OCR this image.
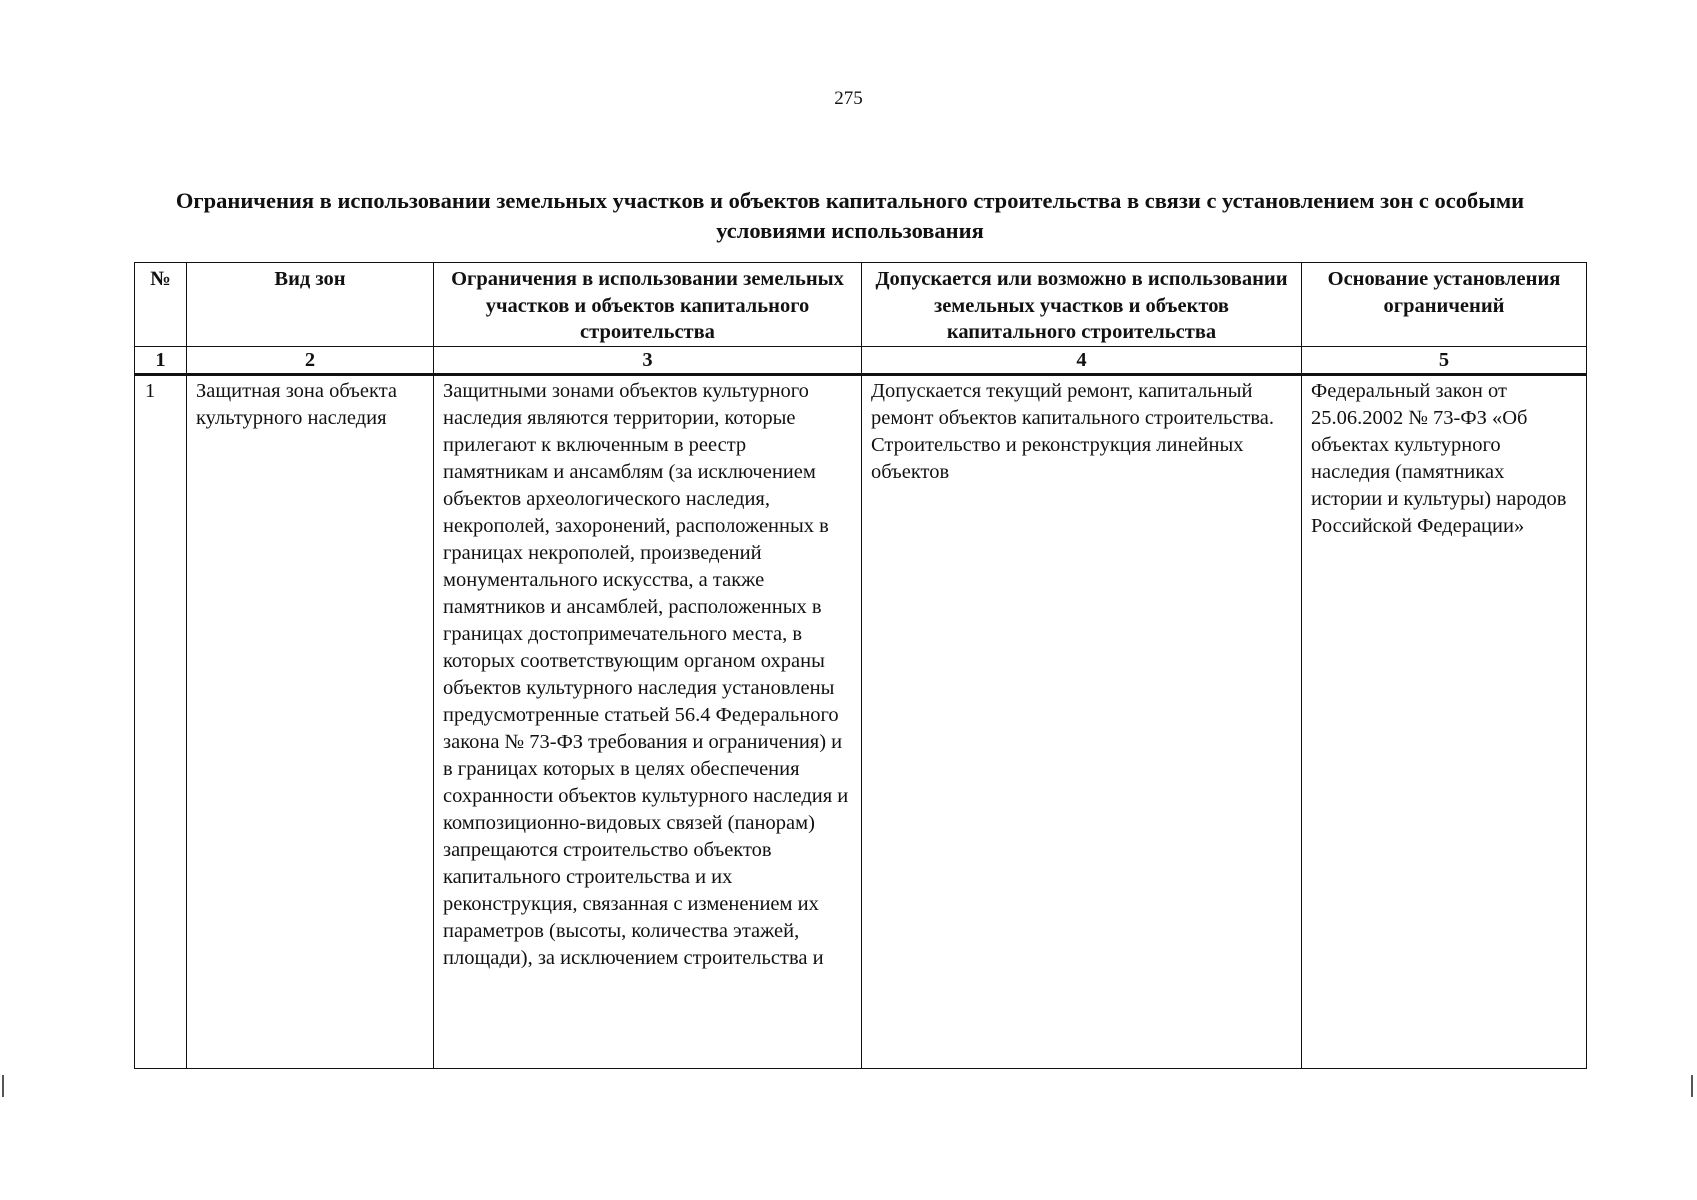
275
Ограничения в использовании земельных участков и объектов капитального строительства в связи с установлением зон с особыми условиями использования
№	Вид зон	Ограничения в использовании земельных участков и объектов капитального строительства	Допускается или возможно в использовании земельных участков и объектов капитального строительства	Основание установления ограничений
1	2	3	4	5
1	Защитная зона объекта культурного наследия	Защитными зонами объектов культурного наследия являются территории, которые прилегают к включенным в реестр памятникам и ансамблям (за исключением объектов археологического наследия, некрополей, захоронений, расположенных в границах некрополей, произведений монументального искусства, а также памятников и ансамблей, расположенных в границах достопримечательного места, в которых соответствующим органом охраны объектов культурного наследия установлены предусмотренные статьей 56.4 Федерального закона № 73-ФЗ требования и ограничения) и в границах которых в целях обеспечения сохранности объектов культурного наследия и композиционно-видовых связей (панорам) запрещаются строительство объектов капитального строительства и их реконструкция, связанная с изменением их параметров (высоты, количества этажей, площади), за исключением строительства и	Допускается текущий ремонт, капитальный ремонт объектов капитального строительства. Строительство и реконструкция линейных объектов	Федеральный закон от 25.06.2002 № 73-ФЗ «Об объектах культурного наследия (памятниках истории и культуры) народов Российской Федерации»
